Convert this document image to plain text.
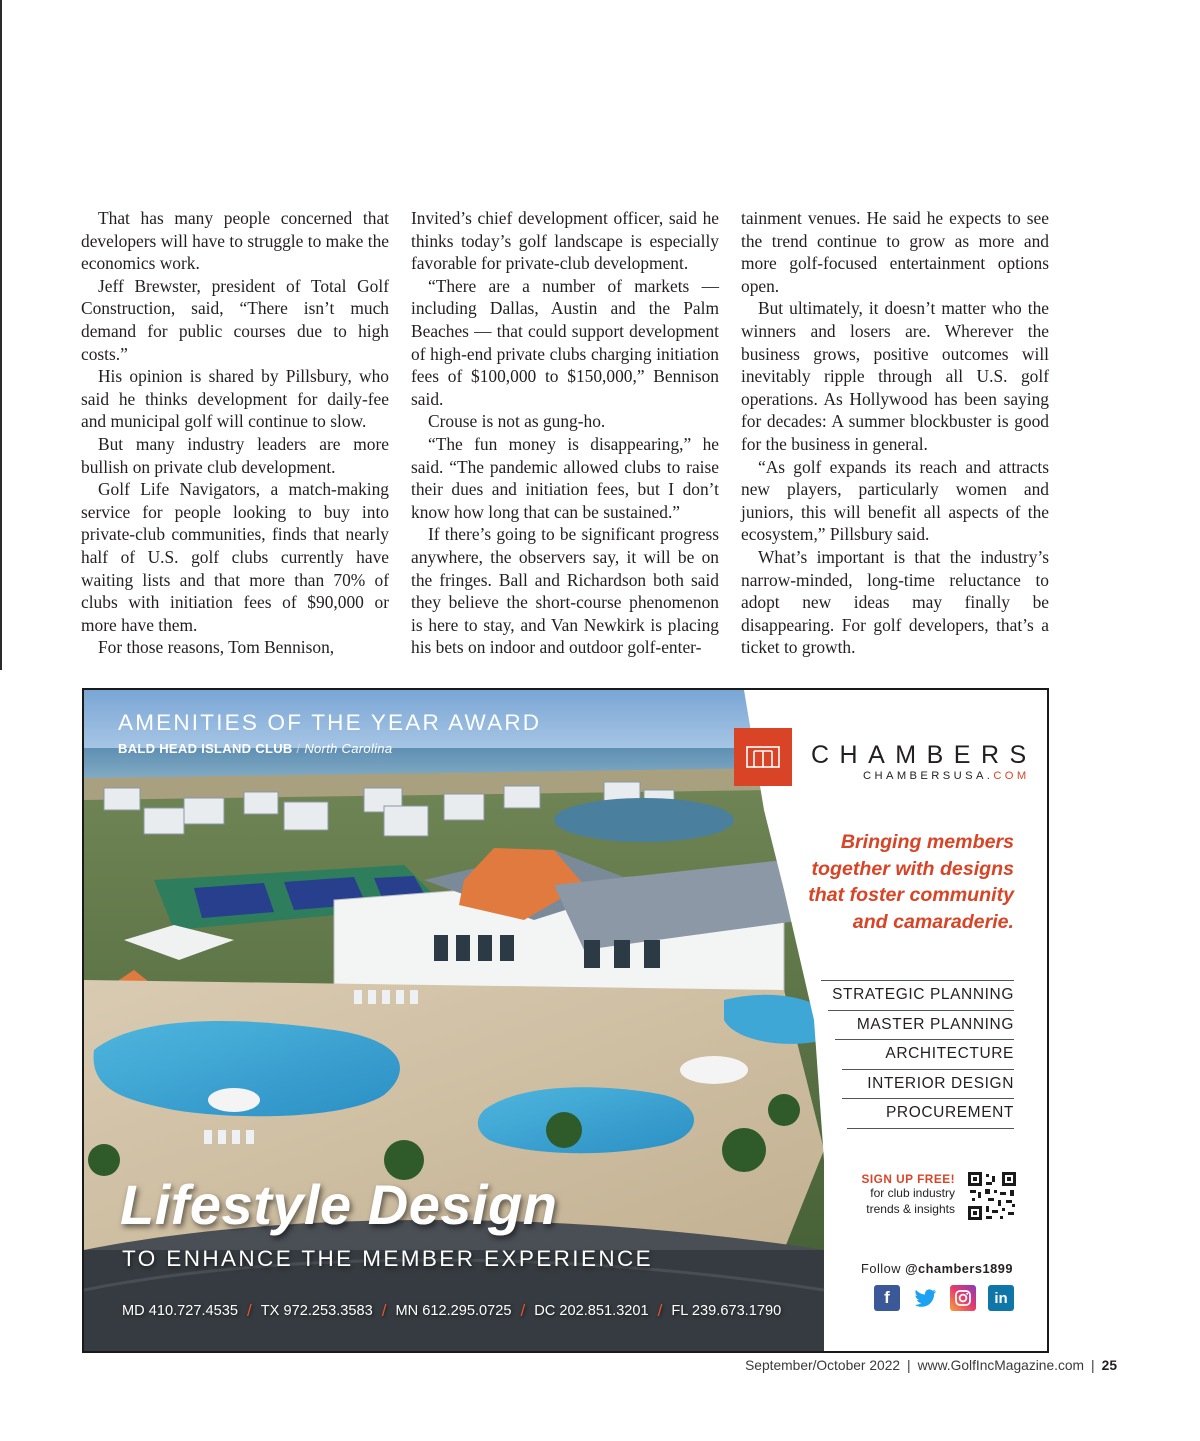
That has many people concerned that developers will have to struggle to make the economics work.

Jeff Brewster, president of Total Golf Construction, said, “There isn’t much demand for public courses due to high costs.”

His opinion is shared by Pillsbury, who said he thinks development for daily-fee and municipal golf will continue to slow.

But many industry leaders are more bullish on private club development.

Golf Life Navigators, a match-making service for people looking to buy into private-club communities, finds that nearly half of U.S. golf clubs currently have waiting lists and that more than 70% of clubs with initiation fees of $90,000 or more have them.

For those reasons, Tom Bennison,

Invited’s chief development officer, said he thinks today’s golf landscape is especially favorable for private-club development.

“There are a number of markets — including Dallas, Austin and the Palm Beaches — that could support development of high-end private clubs charging initiation fees of $100,000 to $150,000,” Bennison said.

Crouse is not as gung-ho.

“The fun money is disappearing,” he said. “The pandemic allowed clubs to raise their dues and initiation fees, but I don’t know how long that can be sustained.”

If there’s going to be significant progress anywhere, the observers say, it will be on the fringes. Ball and Richardson both said they believe the short-course phenomenon is here to stay, and Van Newkirk is placing his bets on indoor and outdoor golf-enter-

tainment venues. He said he expects to see the trend continue to grow as more and more golf-focused entertainment options open.

But ultimately, it doesn’t matter who the winners and losers are. Wherever the business grows, positive outcomes will inevitably ripple through all U.S. golf operations. As Hollywood has been saying for decades: A summer blockbuster is good for the business in general.

“As golf expands its reach and attracts new players, particularly women and juniors, this will benefit all aspects of the ecosystem,” Pillsbury said.

What’s important is that the industry’s narrow-minded, long-time reluctance to adopt new ideas may finally be disappearing. For golf developers, that’s a ticket to growth.

AMENITIES OF THE YEAR AWARD
BALD HEAD ISLAND CLUB / North Carolina
Lifestyle Design
TO ENHANCE THE MEMBER EXPERIENCE
MD 410.727.4535 / TX 972.253.3583 / MN 612.295.0725 / DC 202.851.3201 / FL 239.673.1790
CHAMBERS
CHAMBERSUSA.COM
Bringing members
together with designs
that foster community
and camaraderie.
STRATEGIC PLANNING
MASTER PLANNING
ARCHITECTURE
INTERIOR DESIGN
PROCUREMENT
SIGN UP FREE!
for club industry
trends & insights
Follow @chambers1899
f	in
September/October 2022 | www.GolfIncMagazine.com | 25
